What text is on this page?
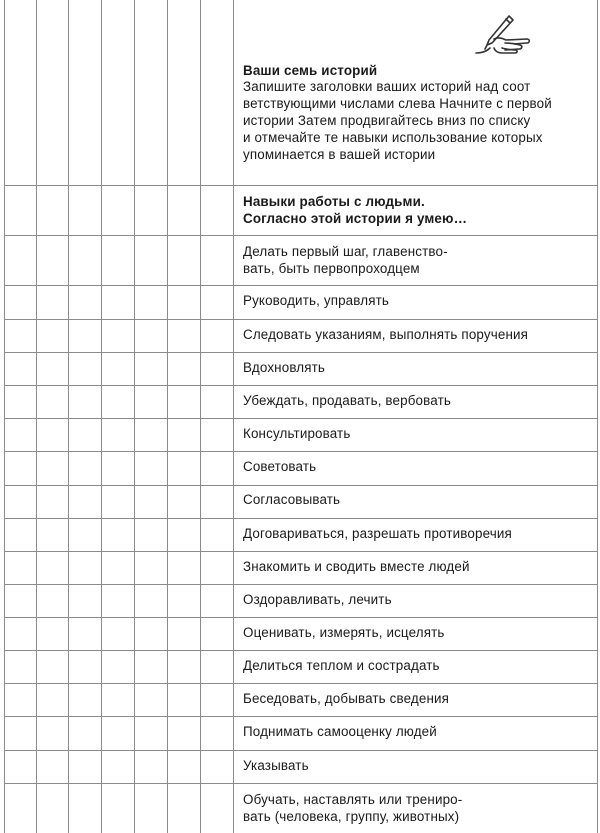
Ваши семь историй
Запишите заголовки ваших историй над соот
ветствующими числами слева Начните с первой
истории Затем продвигайтесь вниз по списку
и отмечайте те навыки использование которых
упоминается в вашей истории
Навыки работы с людьми.
Согласно этой истории я умею…
Делать первый шаг, главенство-
вать, быть первопроходцем
Руководить, управлять
Следовать указаниям, выполнять поручения
Вдохновлять
Убеждать, продавать, вербовать
Консультировать
Советовать
Согласовывать
Договариваться, разрешать противоречия
Знакомить и сводить вместе людей
Оздоравливать, лечить
Оценивать, измерять, исцелять
Делиться теплом и сострадать
Беседовать, добывать сведения
Поднимать самооценку людей
Указывать
Обучать, наставлять или трениро-
вать (человека, группу, животных)
